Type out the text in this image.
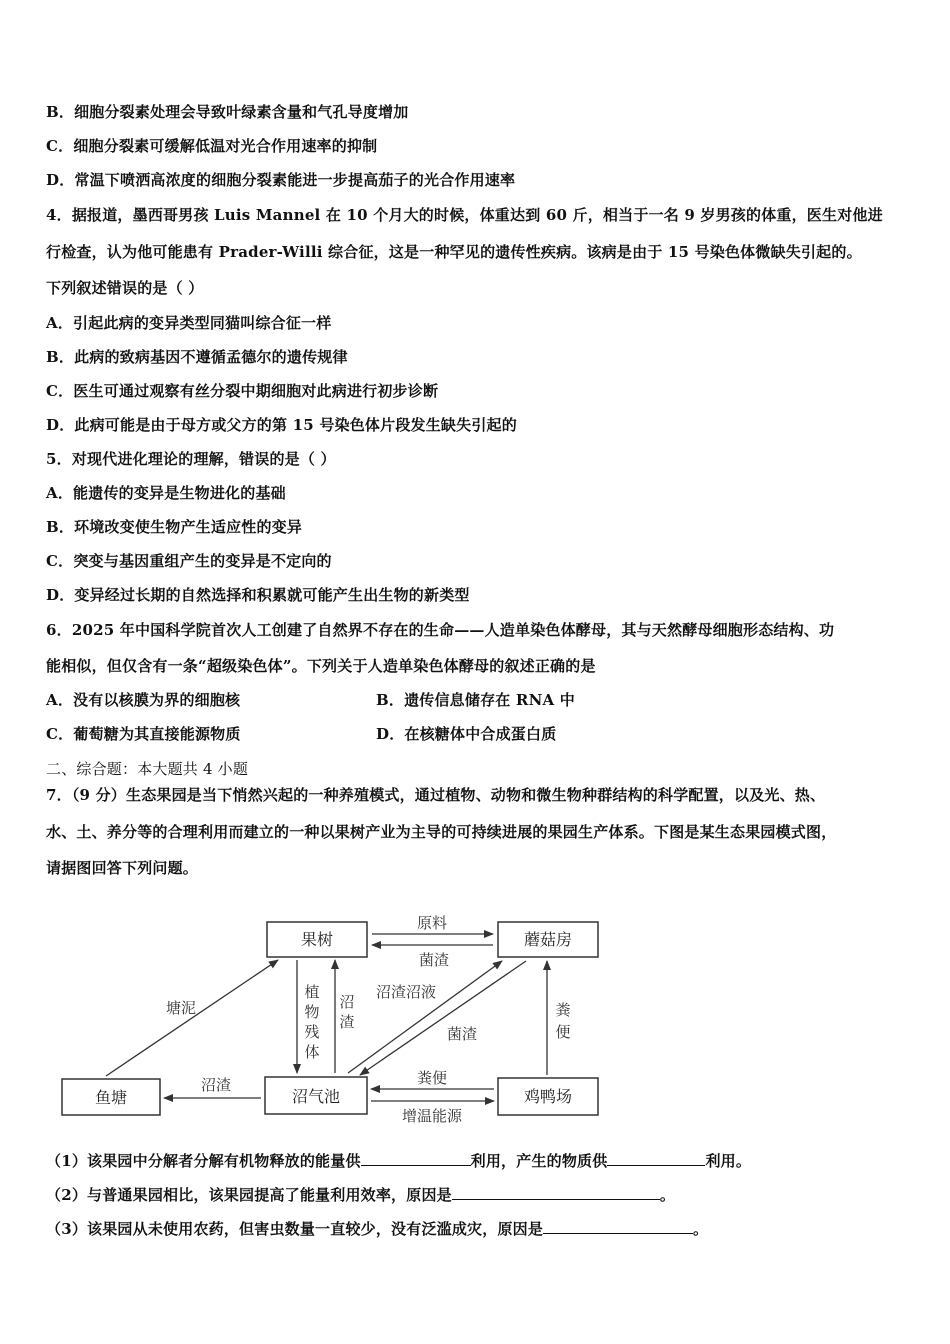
B．细胞分裂素处理会导致叶绿素含量和气孔导度增加
C．细胞分裂素可缓解低温对光合作用速率的抑制
D．常温下喷洒高浓度的细胞分裂素能进一步提高茄子的光合作用速率
4．据报道，墨西哥男孩 Luis Mannel 在 10 个月大的时候，体重达到 60 斤，相当于一名 9 岁男孩的体重，医生对他进
行检查，认为他可能患有 Prader-Willi 综合征，这是一种罕见的遗传性疾病。该病是由于 15 号染色体微缺失引起的。
下列叙述错误的是（ ）
A．引起此病的变异类型同猫叫综合征一样
B．此病的致病基因不遵循孟德尔的遗传规律
C．医生可通过观察有丝分裂中期细胞对此病进行初步诊断
D．此病可能是由于母方或父方的第 15 号染色体片段发生缺失引起的
5．对现代进化理论的理解，错误的是（ ）
A．能遗传的变异是生物进化的基础
B．环境改变使生物产生适应性的变异
C．突变与基因重组产生的变异是不定向的
D．变异经过长期的自然选择和积累就可能产生出生物的新类型
6．2025 年中国科学院首次人工创建了自然界不存在的生命——人造单染色体酵母，其与天然酵母细胞形态结构、功
能相似，但仅含有一条“超级染色体”。下列关于人造单染色体酵母的叙述正确的是
A．没有以核膜为界的细胞核	B．遗传信息储存在 RNA 中
C．葡萄糖为其直接能源物质	D．在核糖体中合成蛋白质
二、综合题：本大题共 4 小题
7．（9 分）生态果园是当下悄然兴起的一种养殖模式，通过植物、动物和微生物种群结构的科学配置，以及光、热、
水、土、养分等的合理利用而建立的一种以果树产业为主导的可持续进展的果园生产体系。下图是某生态果园模式图，
请据图回答下列问题。
果树	蘑菇房
鱼塘	沼气池	鸡鸭场
原料
菌渣
塘泥
植
物
残
体
沼
渣
沼渣沼液
菌渣
粪
便
沼渣	粪便
增温能源
（1）该果园中分解者分解有机物释放的能量供	利用，产生的物质供	利用。
（2）与普通果园相比，该果园提高了能量利用效率，原因是	。
（3）该果园从未使用农药，但害虫数量一直较少，没有泛滥成灾，原因是	。
